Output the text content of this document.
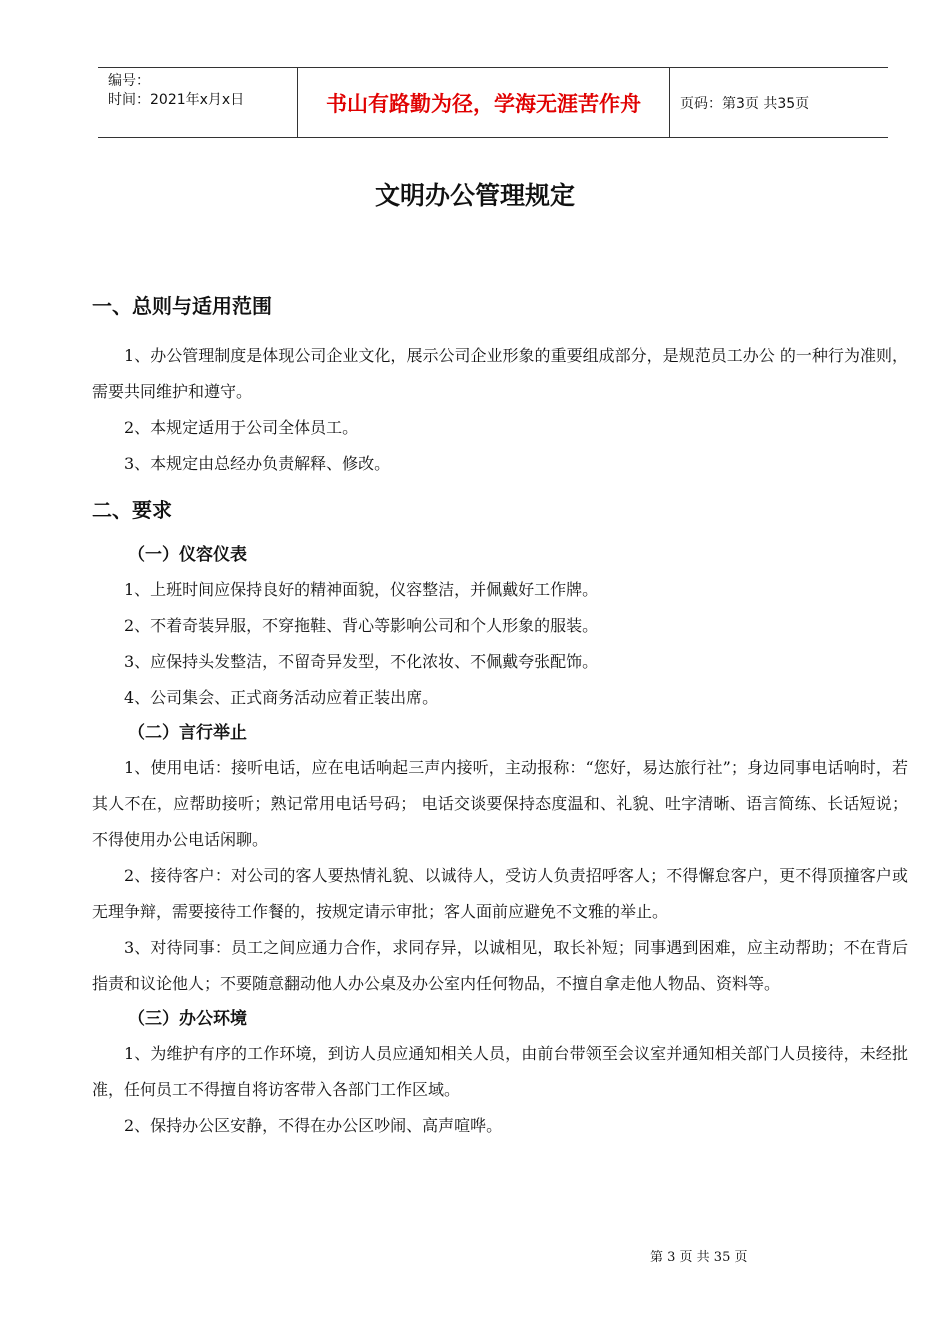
编号：
时间：2021年x月x日	书山有路勤为径，学海无涯苦作舟	页码：第3页 共35页
文明办公管理规定
一、总则与适用范围

1、办公管理制度是体现公司企业文化，展示公司企业形象的重要组成部分，是规范员工办公 的一种行为准则，需要共同维护和遵守。

2、本规定适用于公司全体员工。

3、本规定由总经办负责解释、修改。

二、要求
（一）仪容仪表

1、上班时间应保持良好的精神面貌，仪容整洁，并佩戴好工作牌。

2、不着奇装异服，不穿拖鞋、背心等影响公司和个人形象的服装。

3、应保持头发整洁，不留奇异发型，不化浓妆、不佩戴夸张配饰。

4、公司集会、正式商务活动应着正装出席。

（二）言行举止

1、使用电话：接听电话，应在电话响起三声内接听，主动报称：“您好，易达旅行社”；身边同事电话响时，若其人不在，应帮助接听；熟记常用电话号码； 电话交谈要保持态度温和、礼貌、吐字清晰、语言简练、长话短说；不得使用办公电话闲聊。

2、接待客户：对公司的客人要热情礼貌、以诚待人，受访人负责招呼客人；不得懈怠客户，更不得顶撞客户或无理争辩，需要接待工作餐的，按规定请示审批；客人面前应避免不文雅的举止。

3、对待同事：员工之间应通力合作，求同存异，以诚相见，取长补短；同事遇到困难，应主动帮助；不在背后指责和议论他人；不要随意翻动他人办公桌及办公室内任何物品，不擅自拿走他人物品、资料等。

（三）办公环境

1、为维护有序的工作环境，到访人员应通知相关人员，由前台带领至会议室并通知相关部门人员接待，未经批准，任何员工不得擅自将访客带入各部门工作区域。

2、保持办公区安静，不得在办公区吵闹、高声喧哗。

第 3 页 共 35 页
